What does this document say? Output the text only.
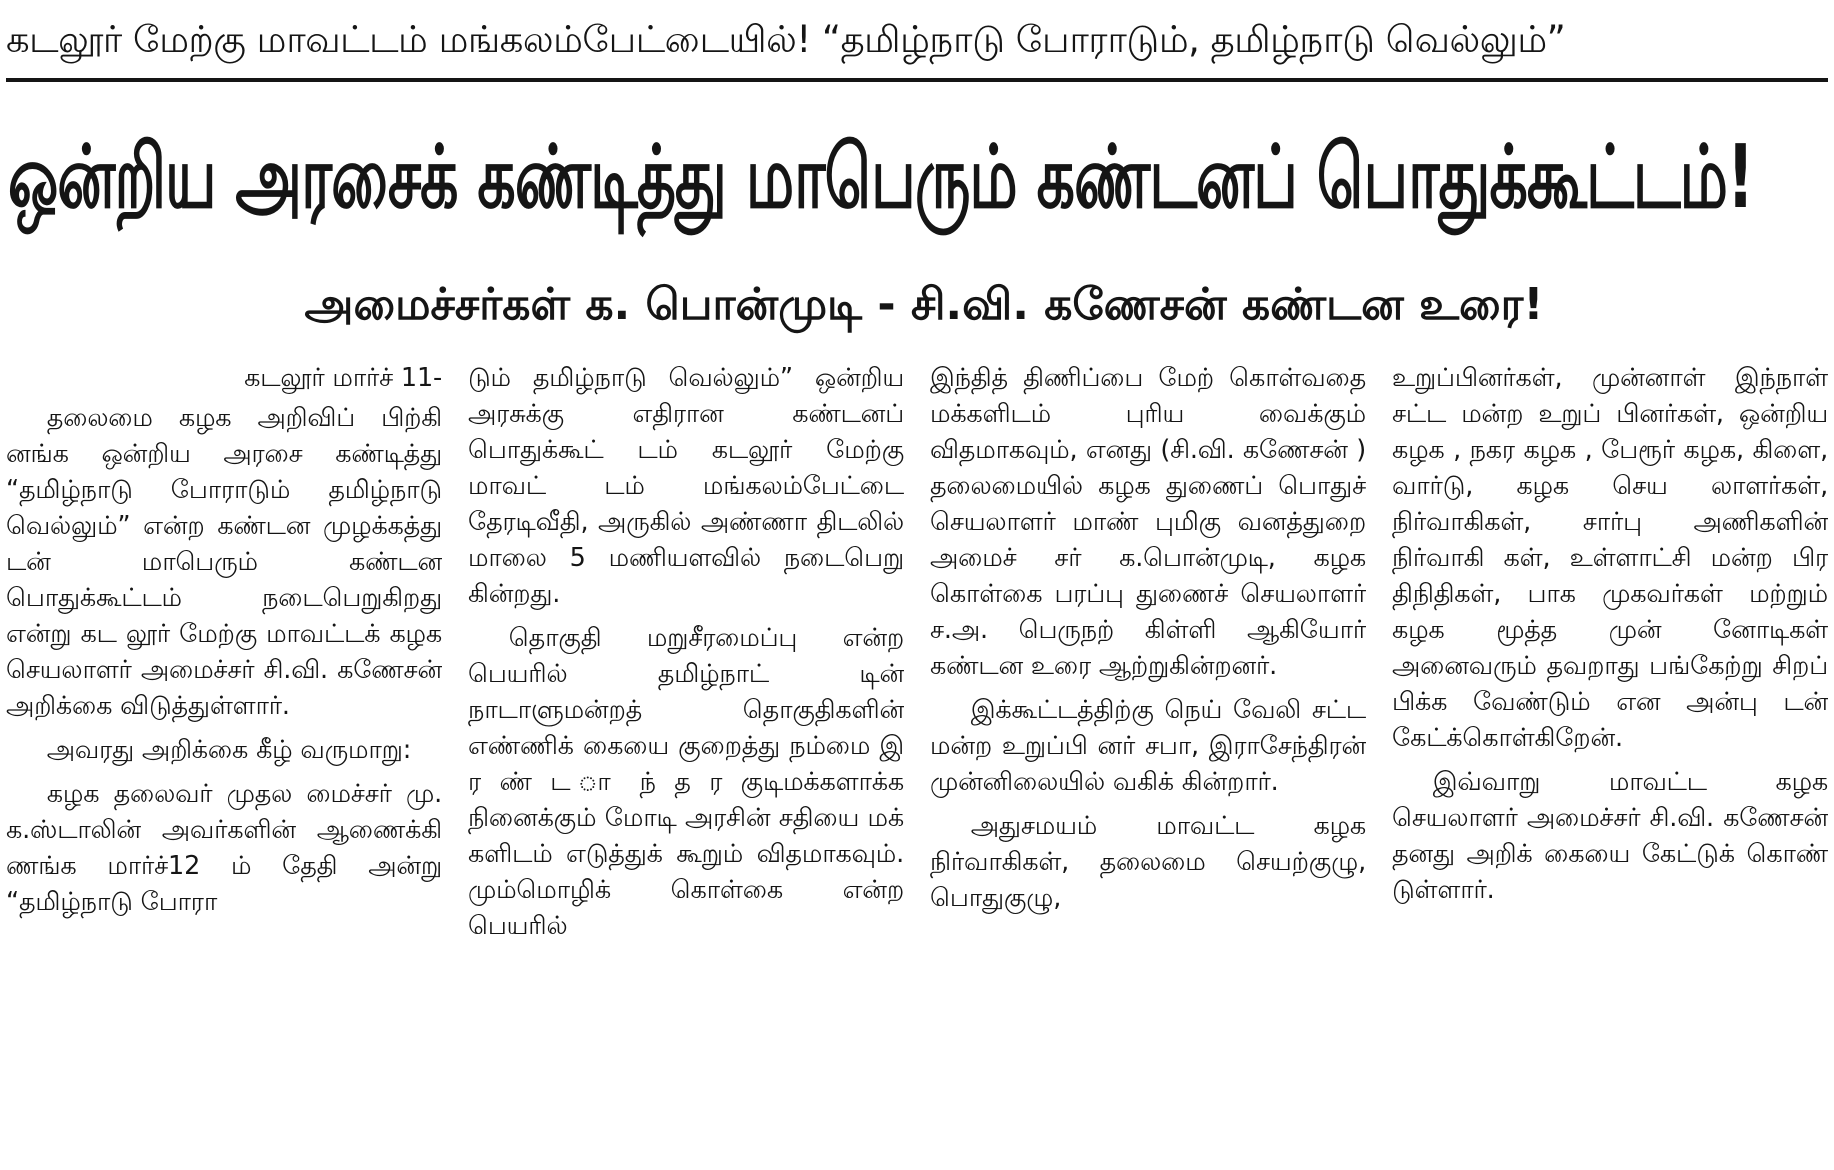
கடலூர் மேற்கு மாவட்டம் மங்கலம்பேட்டையில்! “தமிழ்நாடு போராடும், தமிழ்நாடு வெல்லும்”
ஒன்றிய அரசைக் கண்டித்து மாபெரும் கண்டனப் பொதுக்கூட்டம்!
அமைச்சர்கள் க. பொன்முடி - சி.வி. கணேசன் கண்டன உரை!
கடலூர் மார்ச் 11-

தலைமை கழக அறிவிப் பிற்கி னங்க ஒன்றிய அரசை கண்டித்து “தமிழ்நாடு போராடும் தமிழ்நாடு வெல்லும்” என்ற கண்டன முழக்கத்து டன் மாபெரும் கண்டன பொதுக்கூட்டம் நடைபெறுகிறது என்று கட லூர் மேற்கு மாவட்டக் கழக செயலாளர் அமைச்சர் சி.வி. கணேசன் அறிக்கை விடுத்துள்ளார்.

அவரது அறிக்கை கீழ் வருமாறு:

கழக தலைவர் முதல மைச்சர் மு. க.ஸ்டாலின் அவர்களின் ஆணைக்கி ணங்க மார்ச்12 ம் தேதி அன்று “தமிழ்நாடு போரா

டும் தமிழ்நாடு வெல்லும்” ஒன்றிய அரசுக்கு எதிரான கண்டனப் பொதுக்கூட் டம் கடலூர் மேற்கு மாவட் டம் மங்கலம்பேட்டை தேரடிவீதி, அருகில் அண்ணா திடலில் மாலை 5 மணியளவில் நடைபெறு கின்றது.

தொகுதி மறுசீரமைப்பு என்ற பெயரில் தமிழ்நாட் டின் நாடாளுமன்றத் தொகுதிகளின் எண்ணிக் கையை குறைத்து நம்மை இ ர ண் ட ா ந் த ர குடிமக்களாக்க நினைக்கும் மோடி அரசின் சதியை மக் களிடம் எடுத்துக் கூறும் விதமாகவும். மும்மொழிக் கொள்கை என்ற பெயரில்

இந்தித் திணிப்பை மேற் கொள்வதை மக்களிடம் புரிய வைக்கும் விதமாகவும், எனது (சி.வி. கணேசன் ) தலைமையில் கழக துணைப் பொதுச் செயலாளர் மாண் புமிகு வனத்துறை அமைச் சர் க.பொன்முடி, கழக கொள்கை பரப்பு துணைச் செயலாளர் ச.அ. பெருநற் கிள்ளி ஆகியோர் கண்டன உரை ஆற்றுகின்றனர்.

இக்கூட்டத்திற்கு நெய் வேலி சட்ட மன்ற உறுப்பி னர் சபா, இராசேந்திரன் முன்னிலையில் வகிக் கின்றார்.

அதுசமயம் மாவட்ட கழக நிர்வாகிகள், தலைமை செயற்குழு, பொதுகுழு,

உறுப்பினர்கள், முன்னாள் இந்நாள் சட்ட மன்ற உறுப் பினர்கள், ஒன்றிய கழக , நகர கழக , பேரூர் கழக, கிளை, வார்டு, கழக செய லாளர்கள், நிர்வாகிகள், சார்பு அணிகளின் நிர்வாகி கள், உள்ளாட்சி மன்ற பிர திநிதிகள், பாக முகவர்கள் மற்றும் கழக மூத்த முன் னோடிகள் அனைவரும் தவறாது பங்கேற்று சிறப் பிக்க வேண்டும் என அன்பு டன் கேட்க்கொள்கிறேன்.

இவ்வாறு மாவட்ட கழக செயலாளர் அமைச்சர் சி.வி. கணேசன் தனது அறிக் கையை கேட்டுக் கொண் டுள்ளார்.
